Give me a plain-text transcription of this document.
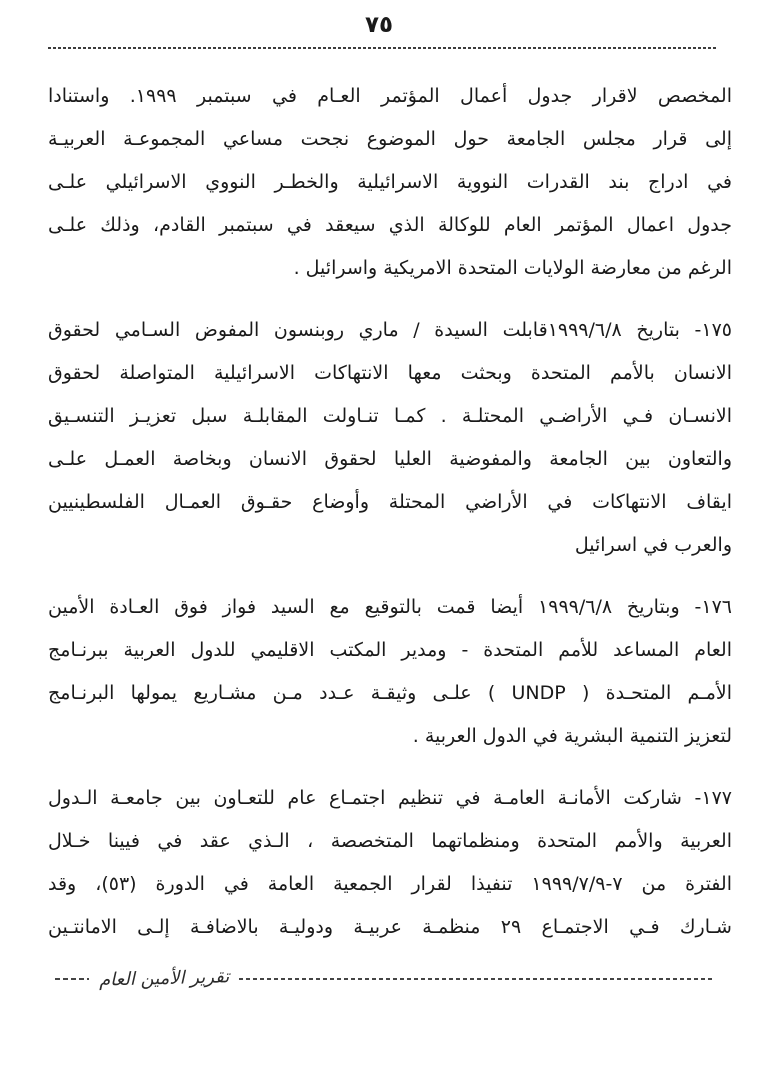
٧٥

المخصص لاقرار جدول أعمال المؤتمر العـام في سبتمبر ١٩٩٩. واستنادا
إلى قرار مجلس الجامعة حول الموضوع نجحت مساعي المجموعـة العربيـة
في ادراج بند القدرات النووية الاسرائيلية والخطـر النووي الاسرائيلي علـى
جدول اعمال المؤتمر العام للوكالة الذي سيعقد في سبتمبر القادم، وذلك علـى
الرغم من معارضة الولايات المتحدة الامريكية واسرائيل .

١٧٥- بتاريخ ١٩٩٩/٦/٨قابلت السيدة / ماري روبنسون المفوض السـامي لحقوق
الانسان بالأمم المتحدة وبحثت معها الانتهاكات الاسرائيلية المتواصلة لحقوق
الانسـان فـي الأراضـي المحتلـة . كمـا تنـاولت المقابلـة سبل تعزيـز التنسـيق
والتعاون بين الجامعة والمفوضية العليا لحقوق الانسان وبخاصة العمـل علـى
ايقاف الانتهاكات في الأراضي المحتلة وأوضاع حقـوق العمـال الفلسطينيين
والعرب في اسرائيل

١٧٦- وبتاريخ ١٩٩٩/٦/٨ أيضا قمت بالتوقيع مع السيد فواز فوق العـادة الأمين
العام المساعد للأمم المتحدة - ومدير المكتب الاقليمي للدول العربية ببرنـامج
الأمـم المتحـدة ( UNDP ) علـى وثيقـة عـدد مـن مشـاريع يمولها البرنـامج
لتعزيز التنمية البشرية في الدول العربية .

١٧٧- شاركت الأمانـة العامـة في تنظيم اجتمـاع عام للتعـاون بين جامعـة الـدول
العربية والأمم المتحدة ومنظماتهما المتخصصة ، الـذي عقد في فيينا خـلال
الفترة من ٧-١٩٩٩/٧/٩ تنفيذا لقرار الجمعية العامة في الدورة (٥٣)، وقد
شـارك فـي الاجتمـاع ٢٩ منظمـة عربيـة ودوليـة بالاضافـة إلـى الامانتـين

تقرير الأمين العام
